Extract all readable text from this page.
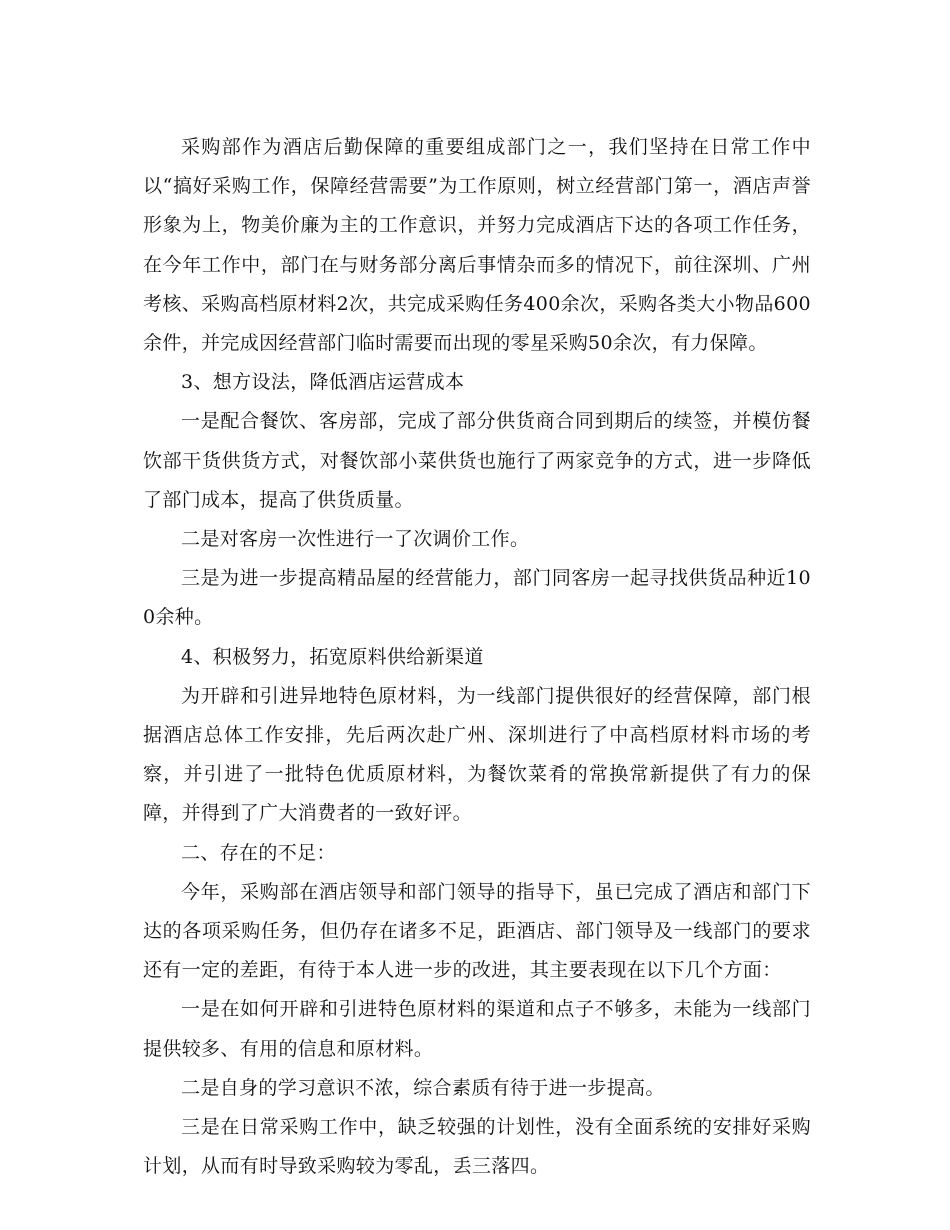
采购部作为酒店后勤保障的重要组成部门之一，我们坚持在日常工作中以“搞好采购工作，保障经营需要”为工作原则，树立经营部门第一，酒店声誉形象为上，物美价廉为主的工作意识，并努力完成酒店下达的各项工作任务，在今年工作中，部门在与财务部分离后事情杂而多的情况下，前往深圳、广州考核、采购高档原材料2次，共完成采购任务400余次，采购各类大小物品600余件，并完成因经营部门临时需要而出现的零星采购50余次，有力保障。

3、想方设法，降低酒店运营成本

一是配合餐饮、客房部，完成了部分供货商合同到期后的续签，并模仿餐饮部干货供货方式，对餐饮部小菜供货也施行了两家竞争的方式，进一步降低了部门成本，提高了供货质量。

二是对客房一次性进行一了次调价工作。

三是为进一步提高精品屋的经营能力，部门同客房一起寻找供货品种近100余种。

4、积极努力，拓宽原料供给新渠道

为开辟和引进异地特色原材料，为一线部门提供很好的经营保障，部门根据酒店总体工作安排，先后两次赴广州、深圳进行了中高档原材料市场的考察，并引进了一批特色优质原材料，为餐饮菜肴的常换常新提供了有力的保障，并得到了广大消费者的一致好评。

二、存在的不足：

今年，采购部在酒店领导和部门领导的指导下，虽已完成了酒店和部门下达的各项采购任务，但仍存在诸多不足，距酒店、部门领导及一线部门的要求还有一定的差距，有待于本人进一步的改进，其主要表现在以下几个方面：

一是在如何开辟和引进特色原材料的渠道和点子不够多，未能为一线部门提供较多、有用的信息和原材料。

二是自身的学习意识不浓，综合素质有待于进一步提高。

三是在日常采购工作中，缺乏较强的计划性，没有全面系统的安排好采购计划，从而有时导致采购较为零乱，丢三落四。
